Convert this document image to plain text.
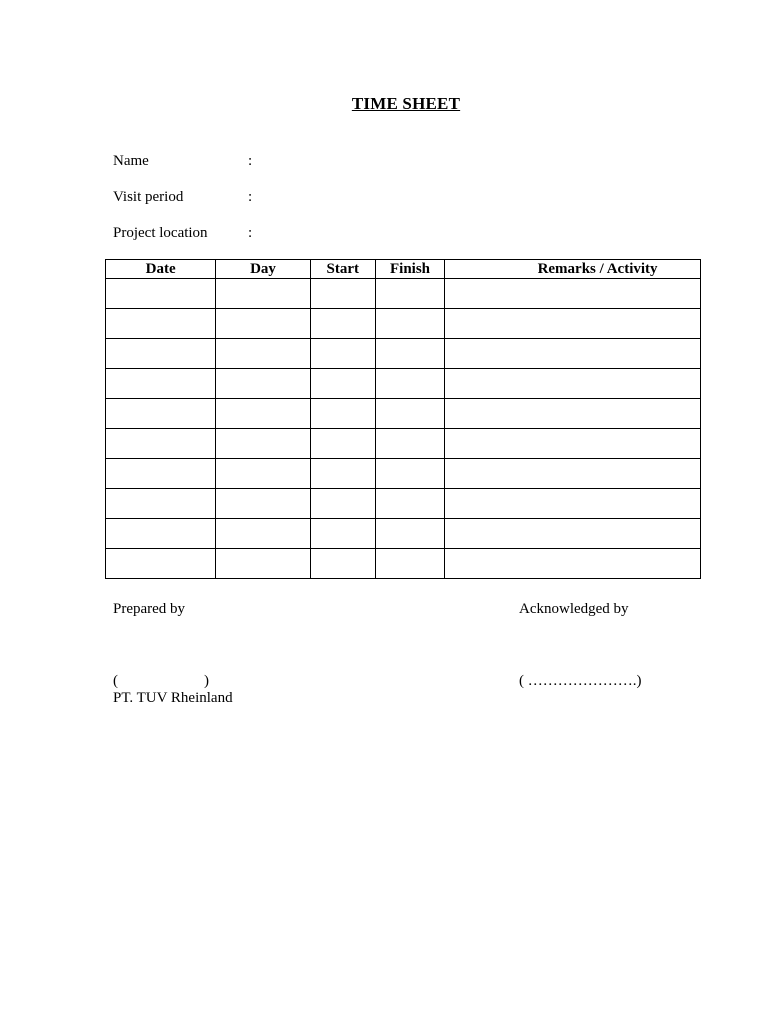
TIME SHEET
Name	:
Visit period	:
Project location	:
Date	Day	Start	Finish	Remarks / Activity

Prepared by	Acknowledged by
(	)
PT. TUV Rheinland
( ………………….)
